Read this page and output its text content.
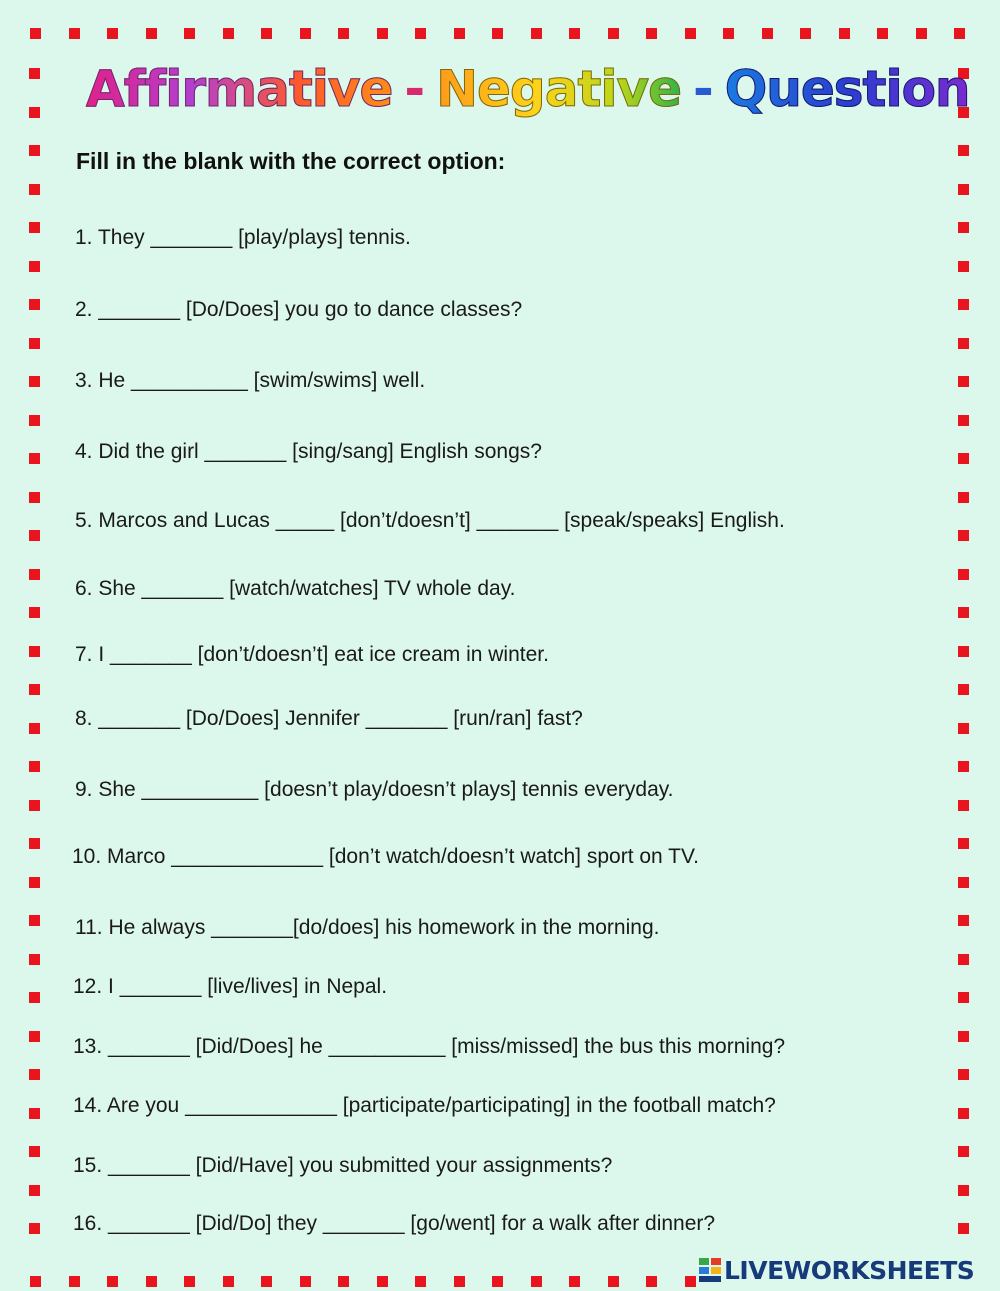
Affirmative - Negative - Question
Fill in the blank with the correct option:
1. They _______ [play/plays] tennis.
2. _______ [Do/Does] you go to dance classes?
3. He __________ [swim/swims] well.
4. Did the girl _______ [sing/sang] English songs?
5. Marcos and Lucas _____ [don’t/doesn’t] _______ [speak/speaks] English.
6. She _______ [watch/watches] TV whole day.
7. I _______ [don’t/doesn’t] eat ice cream in winter.
8. _______ [Do/Does] Jennifer _______ [run/ran] fast?
9. She __________ [doesn’t play/doesn’t plays] tennis everyday.
10. Marco _____________ [don’t watch/doesn’t watch] sport on TV.
11. He always _______[do/does] his homework in the morning.
12. I _______ [live/lives] in Nepal.
13. _______ [Did/Does] he __________ [miss/missed] the bus this morning?
14. Are you _____________ [participate/participating] in the football match?
15. _______ [Did/Have] you submitted your assignments?
16. _______ [Did/Do] they _______ [go/went] for a walk after dinner?
LIVEWORKSHEETS
